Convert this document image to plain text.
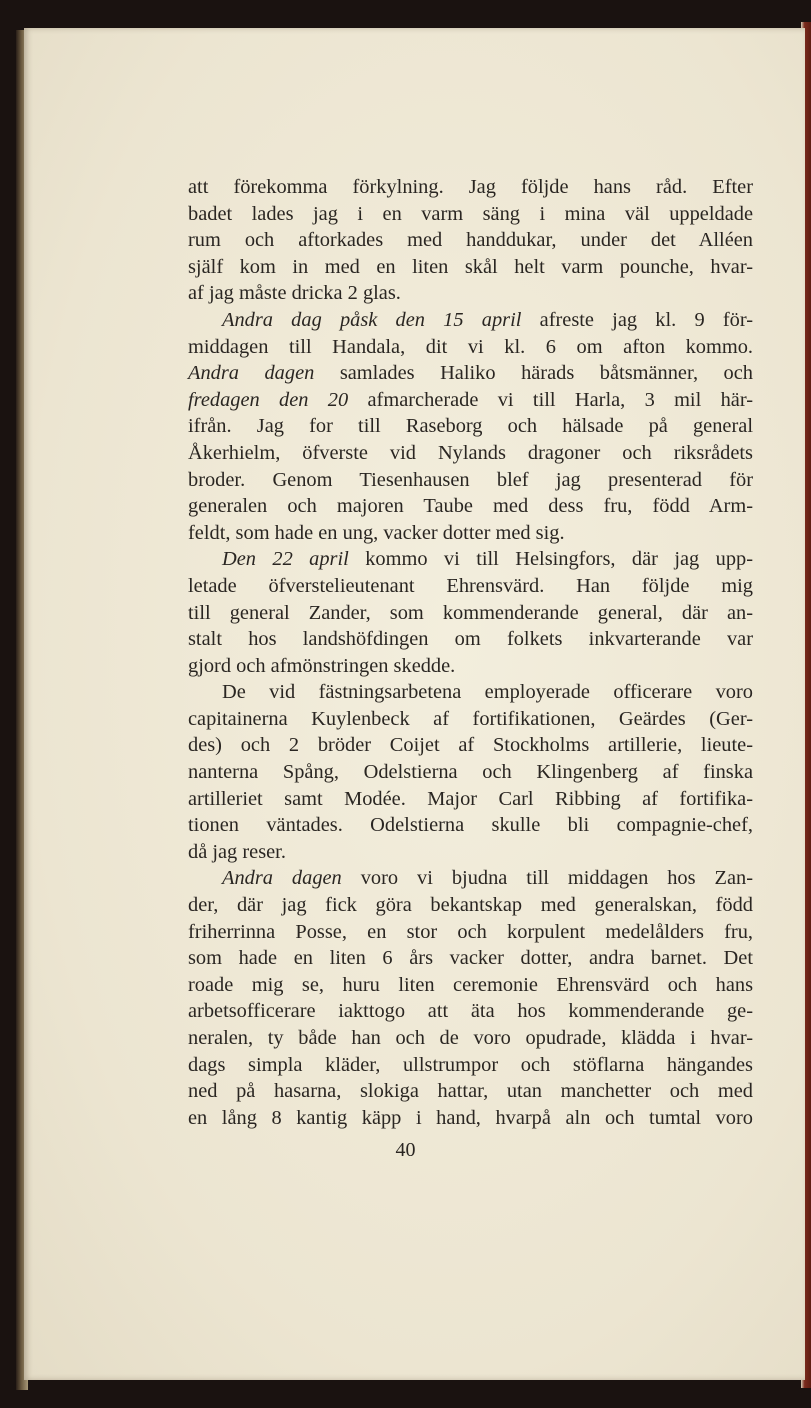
att förekomma förkylning. Jag följde hans råd. Efter
badet lades jag i en varm säng i mina väl uppeldade
rum och aftorkades med handdukar, under det Alléen
själf kom in med en liten skål helt varm pounche, hvar-
af jag måste dricka 2 glas.
Andra dag påsk den 15 april afreste jag kl. 9 för-
middagen till Handala, dit vi kl. 6 om afton kommo.
Andra dagen samlades Haliko härads båtsmänner, och
fredagen den 20 afmarcherade vi till Harla, 3 mil här-
ifrån. Jag for till Raseborg och hälsade på general
Åkerhielm, öfverste vid Nylands dragoner och riksrådets
broder. Genom Tiesenhausen blef jag presenterad för
generalen och majoren Taube med dess fru, född Arm-
feldt, som hade en ung, vacker dotter med sig.
Den 22 april kommo vi till Helsingfors, där jag upp-
letade öfverstelieutenant Ehrensvärd. Han följde mig
till general Zander, som kommenderande general, där an-
stalt hos landshöfdingen om folkets inkvarterande var
gjord och afmönstringen skedde.
De vid fästningsarbetena employerade officerare voro
capitainerna Kuylenbeck af fortifikationen, Geärdes (Ger-
des) och 2 bröder Coijet af Stockholms artillerie, lieute-
nanterna Spång, Odelstierna och Klingenberg af finska
artilleriet samt Modée. Major Carl Ribbing af fortifika-
tionen väntades. Odelstierna skulle bli compagnie-chef,
då jag reser.
Andra dagen voro vi bjudna till middagen hos Zan-
der, där jag fick göra bekantskap med generalskan, född
friherrinna Posse, en stor och korpulent medelålders fru,
som hade en liten 6 års vacker dotter, andra barnet. Det
roade mig se, huru liten ceremonie Ehrensvärd och hans
arbetsofficerare iakttogo att äta hos kommenderande ge-
neralen, ty både han och de voro opudrade, klädda i hvar-
dags simpla kläder, ullstrumpor och stöflarna hängandes
ned på hasarna, slokiga hattar, utan manchetter och med
en lång 8 kantig käpp i hand, hvarpå aln och tumtal voro
40
